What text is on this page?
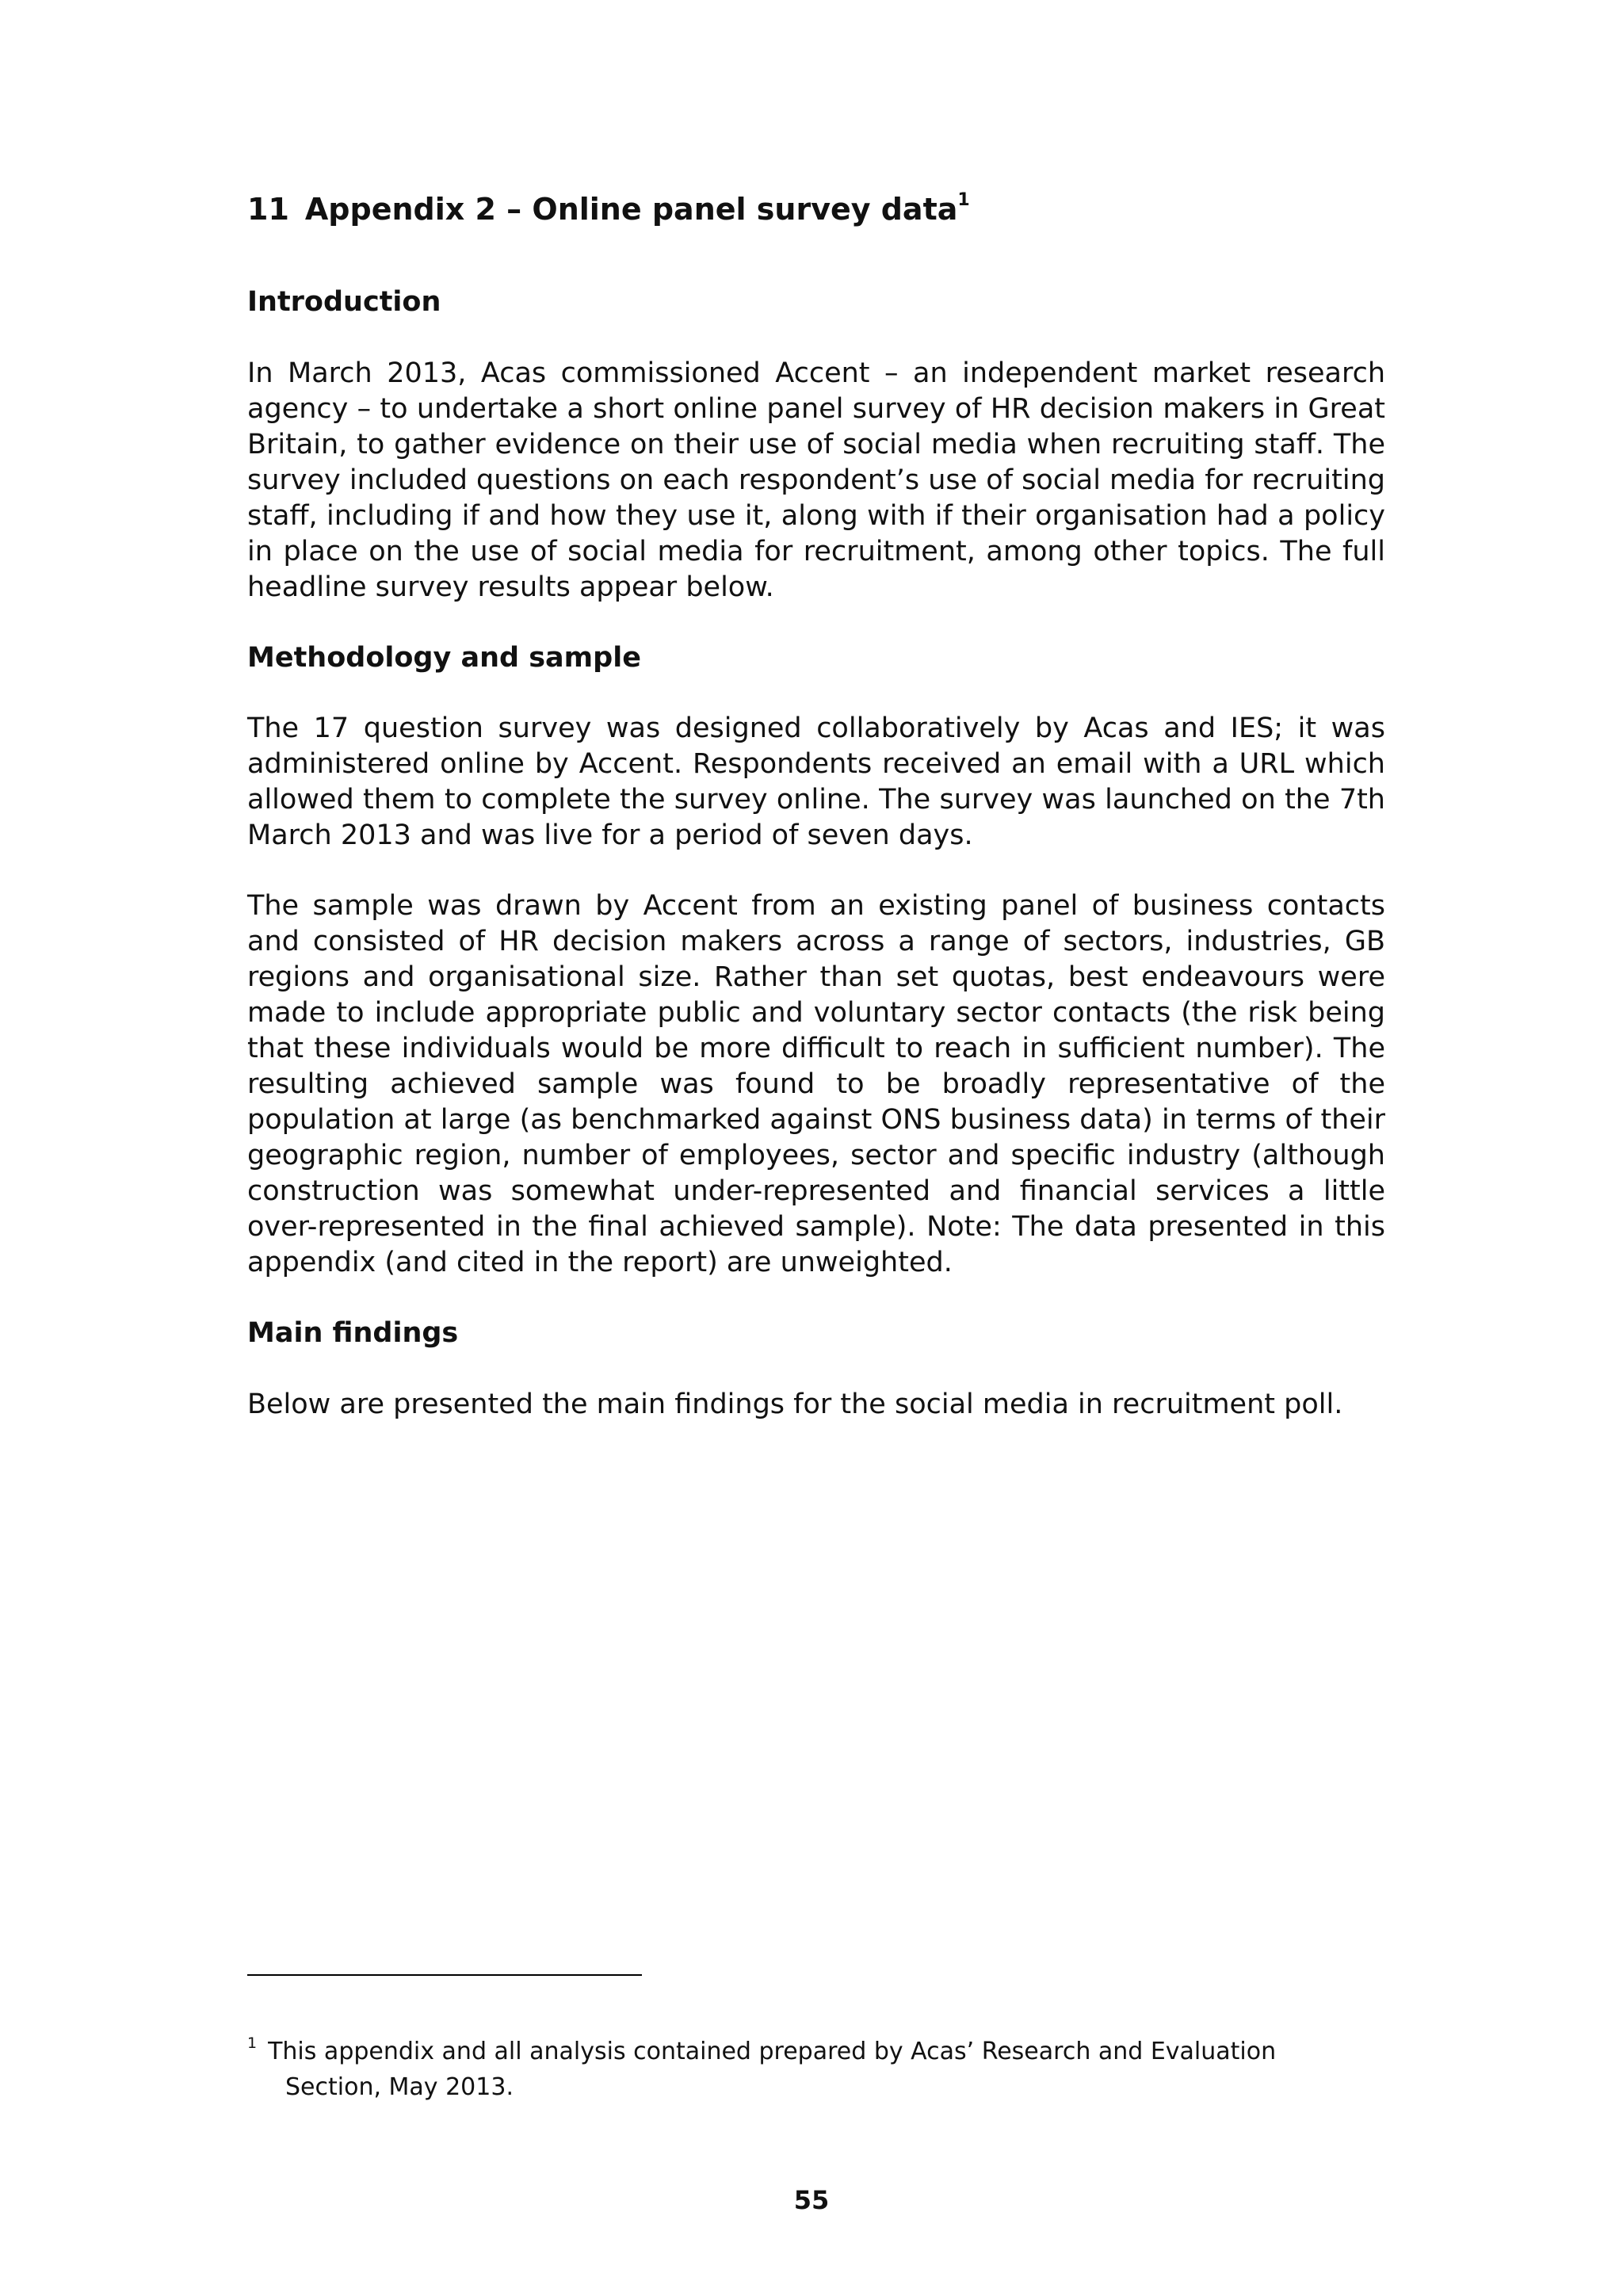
11 Appendix 2 – Online panel survey data$^1$
Introduction

In March 2013, Acas commissioned Accent – an independent market research agency – to undertake a short online panel survey of HR decision makers in Great Britain, to gather evidence on their use of social media when recruiting staff. The survey included questions on each respondent’s use of social media for recruiting staff, including if and how they use it, along with if their organisation had a policy in place on the use of social media for recruitment, among other topics. The full headline survey results appear below.

Methodology and sample

The 17 question survey was designed collaboratively by Acas and IES; it was administered online by Accent. Respondents received an email with a URL which allowed them to complete the survey online. The survey was launched on the 7th March 2013 and was live for a period of seven days.

The sample was drawn by Accent from an existing panel of business contacts and consisted of HR decision makers across a range of sectors, industries, GB regions and organisational size. Rather than set quotas, best endeavours were made to include appropriate public and voluntary sector contacts (the risk being that these individuals would be more difficult to reach in sufficient number). The resulting achieved sample was found to be broadly representative of the population at large (as benchmarked against ONS business data) in terms of their geographic region, number of employees, sector and specific industry (although construction was somewhat under-represented and financial services a little over-represented in the final achieved sample). Note: The data presented in this appendix (and cited in the report) are unweighted.

Main findings

Below are presented the main findings for the social media in recruitment poll.

$^1$ This appendix and all analysis contained prepared by Acas’ Research and Evaluation
Section, May 2013.
55
